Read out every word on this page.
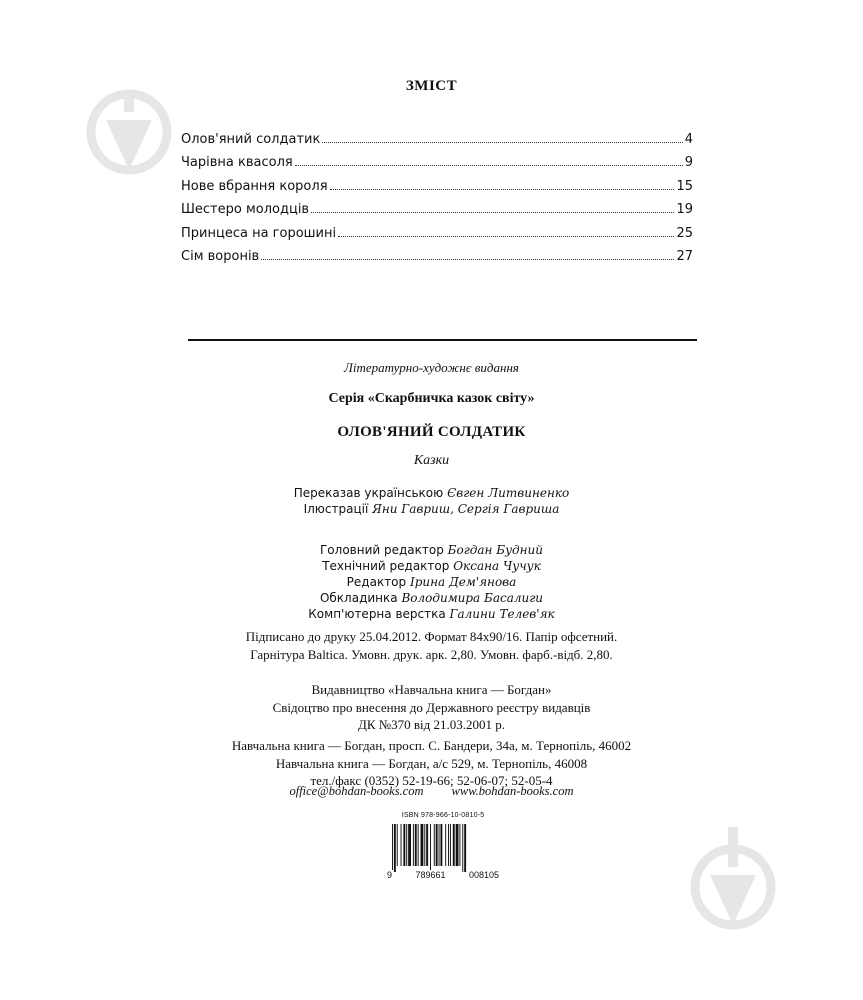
ЗМІСТ
Олов'яний солдатик	4
Чарівна квасоля	9
Нове вбрання короля	15
Шестеро молодців	19
Принцеса на горошині	25
Сім воронів	27
Літературно-художнє видання
Серія «Скарбничка казок світу»
ОЛОВ'ЯНИЙ СОЛДАТИК
Казки
Переказав українською Євген Литвиненко
Ілюстрації Яни Гавриш, Сергія Гавриша
Головний редактор Богдан Будний
Технічний редактор Оксана Чучук
Редактор Ірина Дем'янова
Обкладинка Володимира Басалиги
Комп'ютерна верстка Галини Телев'як
Підписано до друку 25.04.2012. Формат 84х90/16. Папір офсетний.
Гарнітура Baltica. Умовн. друк. арк. 2,80. Умовн. фарб.-відб. 2,80.
Видавництво «Навчальна книга — Богдан»
Свідоцтво про внесення до Державного реєстру видавців
ДК №370 від 21.03.2001 р.
Навчальна книга — Богдан, просп. С. Бандери, 34а, м. Тернопіль, 46002
Навчальна книга — Богдан, а/с 529, м. Тернопіль, 46008
тел./факс (0352) 52-19-66; 52-06-07; 52-05-4
office@bohdan-books.com www.bohdan-books.com
ISBN 978-966-10-0810-5
9	789661	008105
